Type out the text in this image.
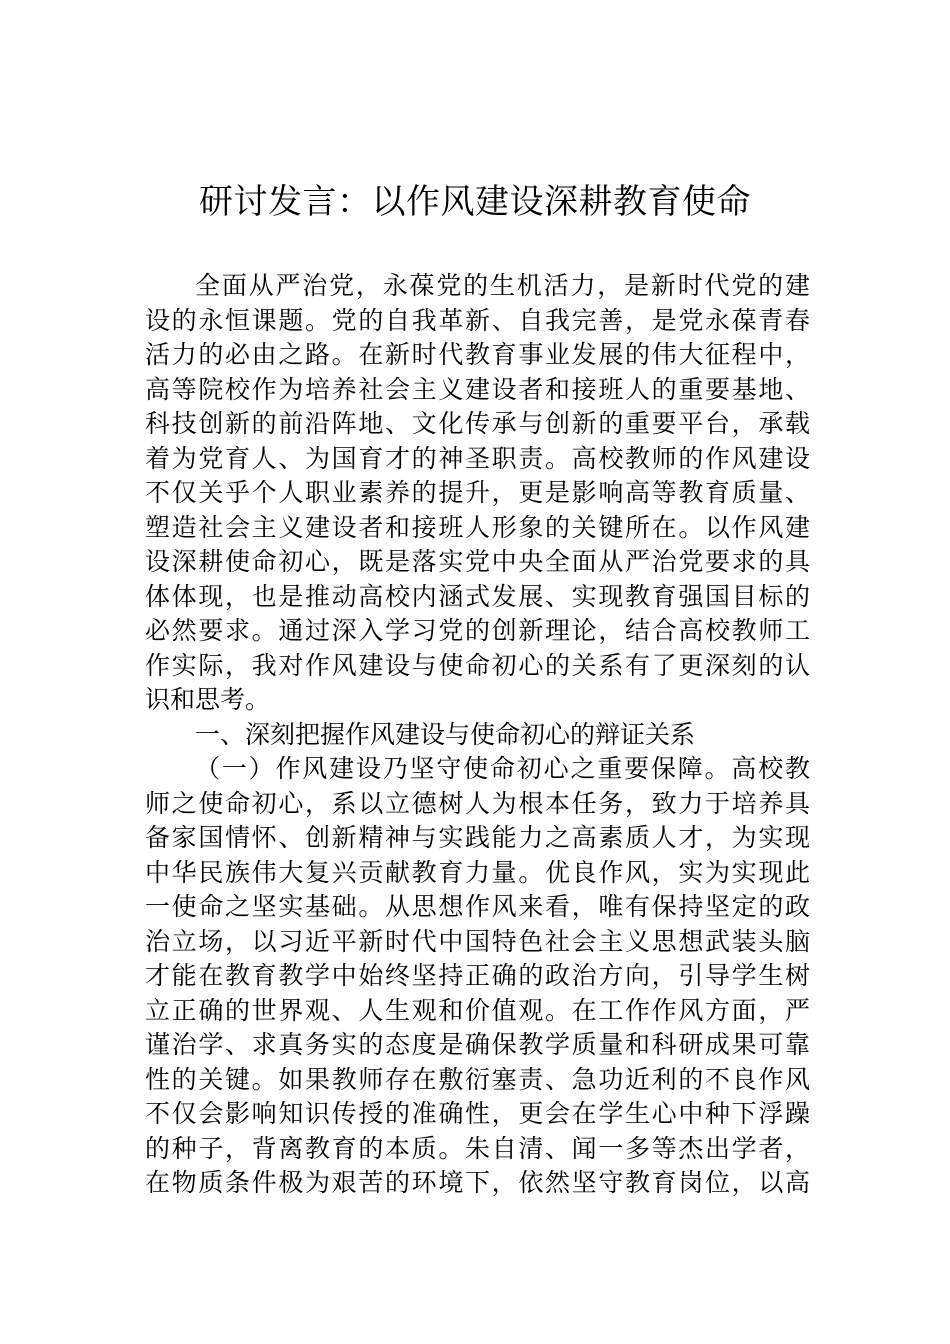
研讨发言：以作风建设深耕教育使命
全面从严治党，永葆党的生机活力，是新时代党的建
设的永恒课题。党的自我革新、自我完善，是党永葆青春
活力的必由之路。在新时代教育事业发展的伟大征程中，
高等院校作为培养社会主义建设者和接班人的重要基地、
科技创新的前沿阵地、文化传承与创新的重要平台，承载
着为党育人、为国育才的神圣职责。高校教师的作风建设
不仅关乎个人职业素养的提升，更是影响高等教育质量、
塑造社会主义建设者和接班人形象的关键所在。以作风建
设深耕使命初心，既是落实党中央全面从严治党要求的具
体体现，也是推动高校内涵式发展、实现教育强国目标的
必然要求。通过深入学习党的创新理论，结合高校教师工
作实际，我对作风建设与使命初心的关系有了更深刻的认
识和思考。
一、深刻把握作风建设与使命初心的辩证关系
（一）作风建设乃坚守使命初心之重要保障。高校教
师之使命初心，系以立德树人为根本任务，致力于培养具
备家国情怀、创新精神与实践能力之高素质人才，为实现
中华民族伟大复兴贡献教育力量。优良作风，实为实现此
一使命之坚实基础。从思想作风来看，唯有保持坚定的政
治立场，以习近平新时代中国特色社会主义思想武装头脑
才能在教育教学中始终坚持正确的政治方向，引导学生树
立正确的世界观、人生观和价值观。在工作作风方面，严
谨治学、求真务实的态度是确保教学质量和科研成果可靠
性的关键。如果教师存在敷衍塞责、急功近利的不良作风
不仅会影响知识传授的准确性，更会在学生心中种下浮躁
的种子，背离教育的本质。朱自清、闻一多等杰出学者，
在物质条件极为艰苦的环境下，依然坚守教育岗位，以高
